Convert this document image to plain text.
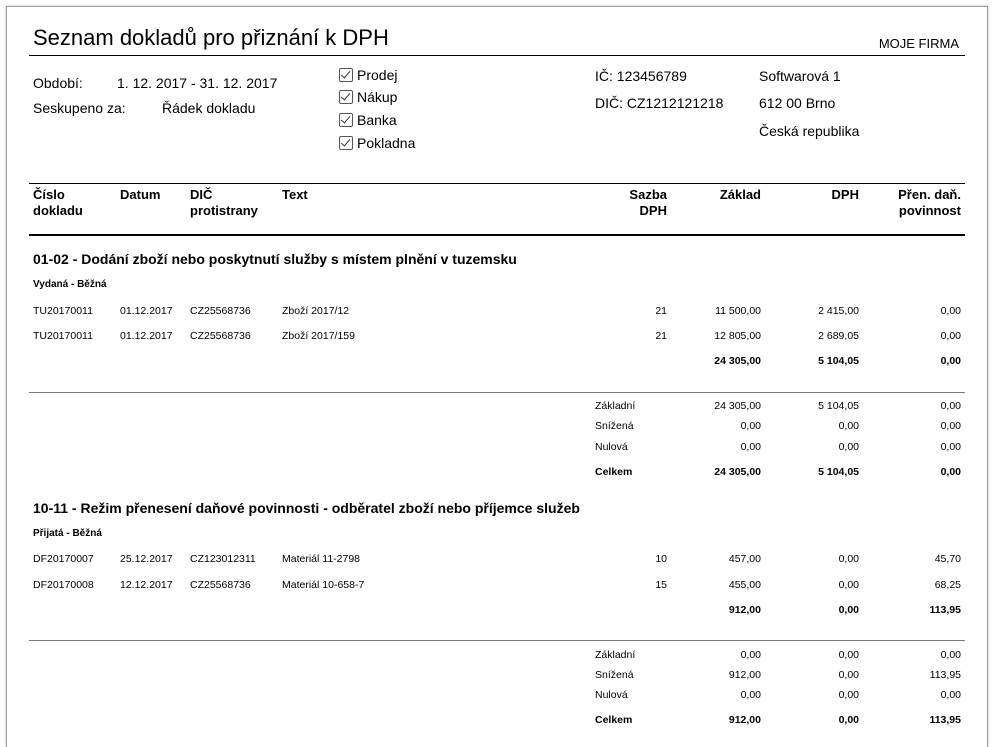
Seznam dokladů pro přiznání k DPH	MOJE FIRMA
Období: 1. 12. 2017 - 31. 12. 2017
Seskupeno za:	Řádek dokladu
Prodej
Nákup
Banka
Pokladna
IČ: 123456789
DIČ: CZ1212121218
Softwarová 1
612 00 Brno
Česká republika
Číslo
dokladu
Datum DIČ
protistrany
Text	Sazba
DPH
Základ	DPH	Přen. daň.
povinnost
01-02 - Dodání zboží nebo poskytnutí služby s místem plnění v tuzemsku
Vydaná - Běžná
TU20170011	01.12.2017 CZ25568736	Zboží 2017/12	21	11 500,00	2 415,00	0,00
TU20170011	01.12.2017 CZ25568736	Zboží 2017/159	21	12 805,00	2 689,05	0,00
24 305,00	5 104,05	0,00
Základní	24 305,00	5 104,05	0,00
Snížená	0,00	0,00	0,00
Nulová	0,00	0,00	0,00
Celkem	24 305,00	5 104,05	0,00
10-11 - Režim přenesení daňové povinnosti - odběratel zboží nebo příjemce služeb
Přijatá - Běžná
DF20170007	25.12.2017 CZ123012311 Materiál 11-2798	10	457,00	0,00	45,70
DF20170008	12.12.2017 CZ25568736	Materiál 10-658-7	15	455,00	0,00	68,25
912,00	0,00	113,95
Základní	0,00	0,00	0,00
Snížená	912,00	0,00	113,95
Nulová	0,00	0,00	0,00
Celkem	912,00	0,00	113,95
